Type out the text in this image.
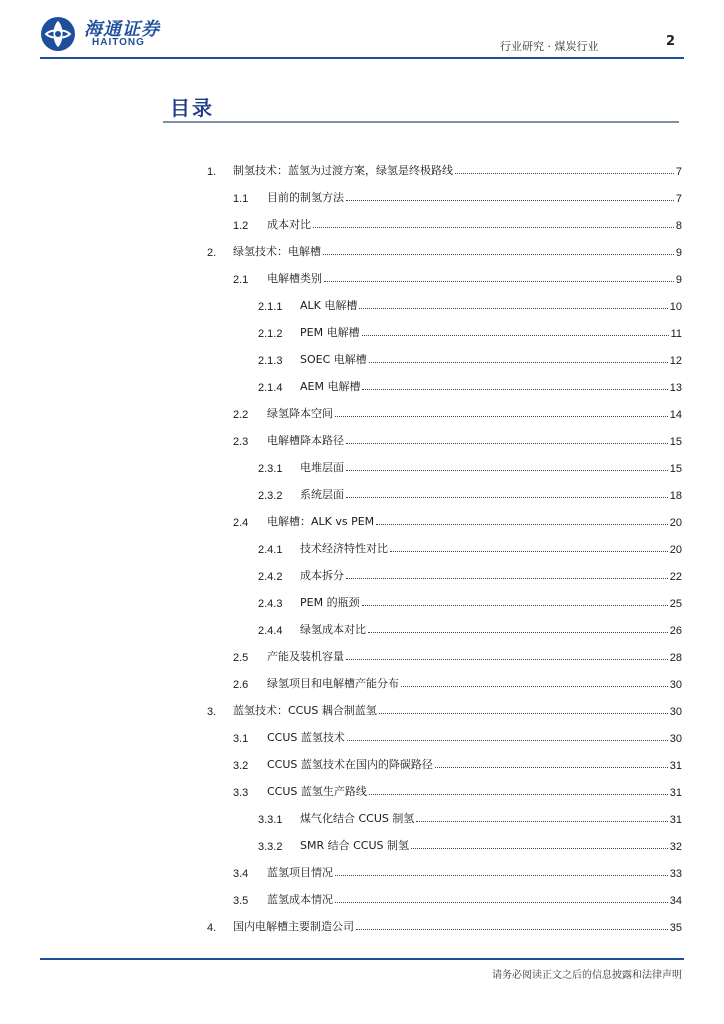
海通证券
HAITONG	行业研究 · 煤炭行业	2
目录
1.	制氢技术：蓝氢为过渡方案，绿氢是终极路线	7
1.1	目前的制氢方法	7
1.2	成本对比	8
2.	绿氢技术：电解槽	9
2.1	电解槽类别	9
2.1.1	ALK 电解槽	10
2.1.2	PEM 电解槽	11
2.1.3	SOEC 电解槽	12
2.1.4	AEM 电解槽	13
2.2	绿氢降本空间	14
2.3	电解槽降本路径	15
2.3.1	电堆层面	15
2.3.2	系统层面	18
2.4	电解槽：ALK vs PEM	20
2.4.1	技术经济特性对比	20
2.4.2	成本拆分	22
2.4.3	PEM 的瓶颈	25
2.4.4	绿氢成本对比	26
2.5	产能及装机容量	28
2.6	绿氢项目和电解槽产能分布	30
3.	蓝氢技术：CCUS 耦合制蓝氢	30
3.1	CCUS 蓝氢技术	30
3.2	CCUS 蓝氢技术在国内的降碳路径	31
3.3	CCUS 蓝氢生产路线	31
3.3.1	煤气化结合 CCUS 制氢	31
3.3.2	SMR 结合 CCUS 制氢	32
3.4	蓝氢项目情况	33
3.5	蓝氢成本情况	34
4.	国内电解槽主要制造公司	35
请务必阅读正文之后的信息披露和法律声明
